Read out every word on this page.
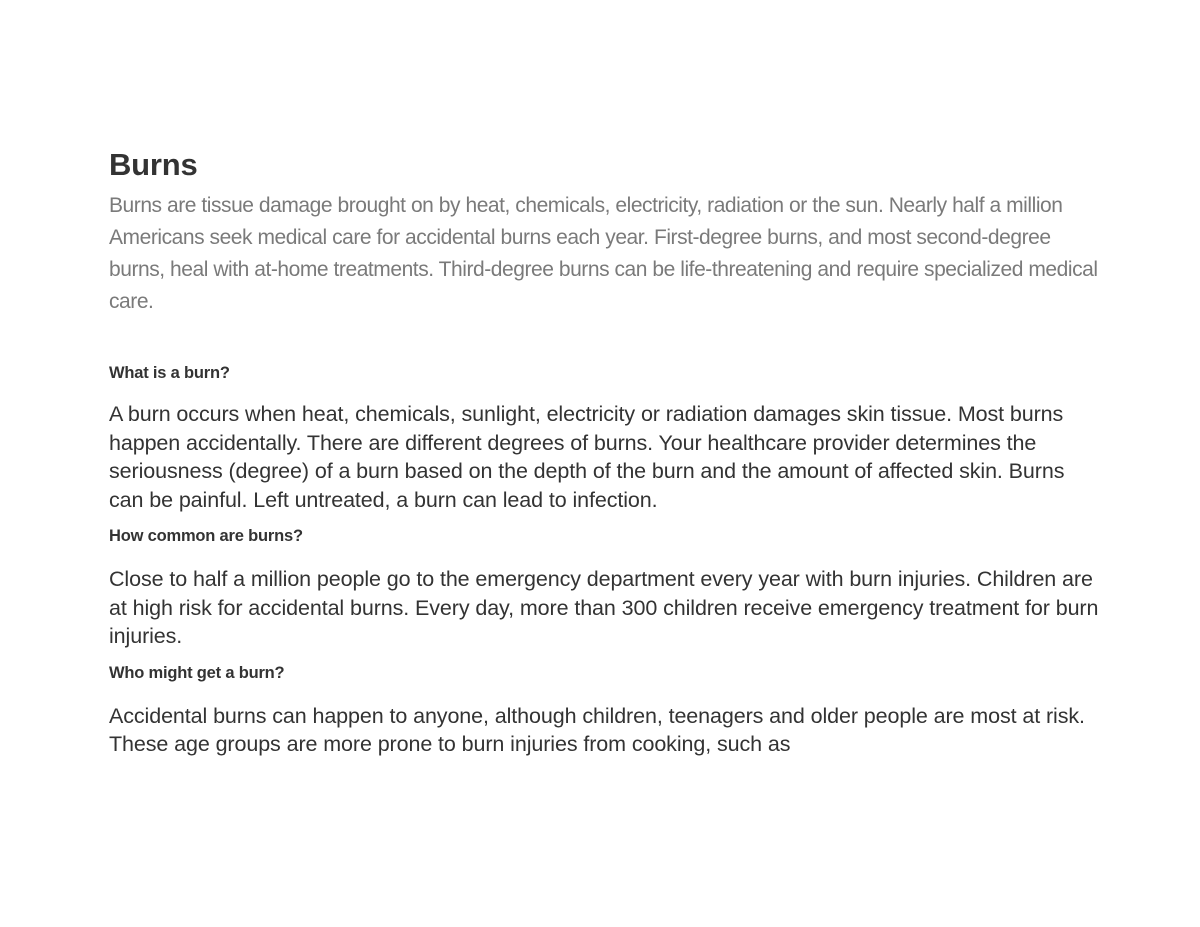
Burns

Burns are tissue damage brought on by heat, chemicals, electricity, radiation or the sun. Nearly half a million Americans seek medical care for accidental burns each year. First-degree burns, and most second-degree burns, heal with at-home treatments. Third-degree burns can be life-threatening and require specialized medical care.

What is a burn?

A burn occurs when heat, chemicals, sunlight, electricity or radiation damages skin tissue. Most burns happen accidentally. There are different degrees of burns. Your healthcare provider determines the seriousness (degree) of a burn based on the depth of the burn and the amount of affected skin. Burns can be painful. Left untreated, a burn can lead to infection.

How common are burns?

Close to half a million people go to the emergency department every year with burn injuries. Children are at high risk for accidental burns. Every day, more than 300 children receive emergency treatment for burn injuries.

Who might get a burn?

Accidental burns can happen to anyone, although children, teenagers and older people are most at risk. These age groups are more prone to burn injuries from cooking, such as
